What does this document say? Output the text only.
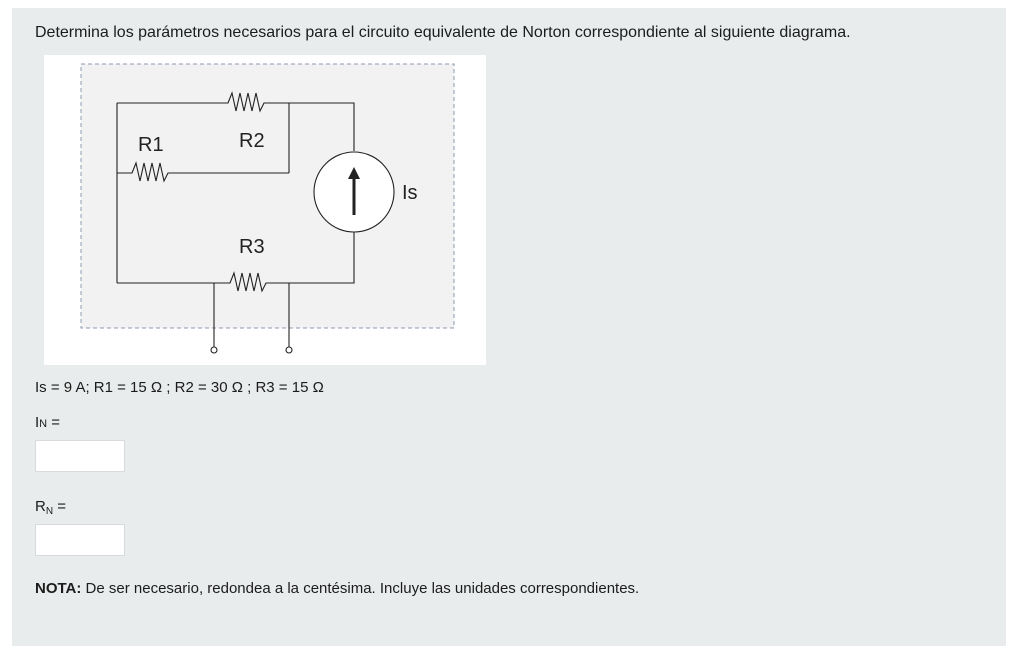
Determina los parámetros necesarios para el circuito equivalente de Norton correspondiente al siguiente diagrama.

R1	R2
R3
Is

Is = 9 A; R1 = 15 Ω ; R2 = 30 Ω ; R3 = 15 Ω

IN =

$R_N$ =

NOTA: De ser necesario, redondea a la centésima. Incluye las unidades correspondientes.
